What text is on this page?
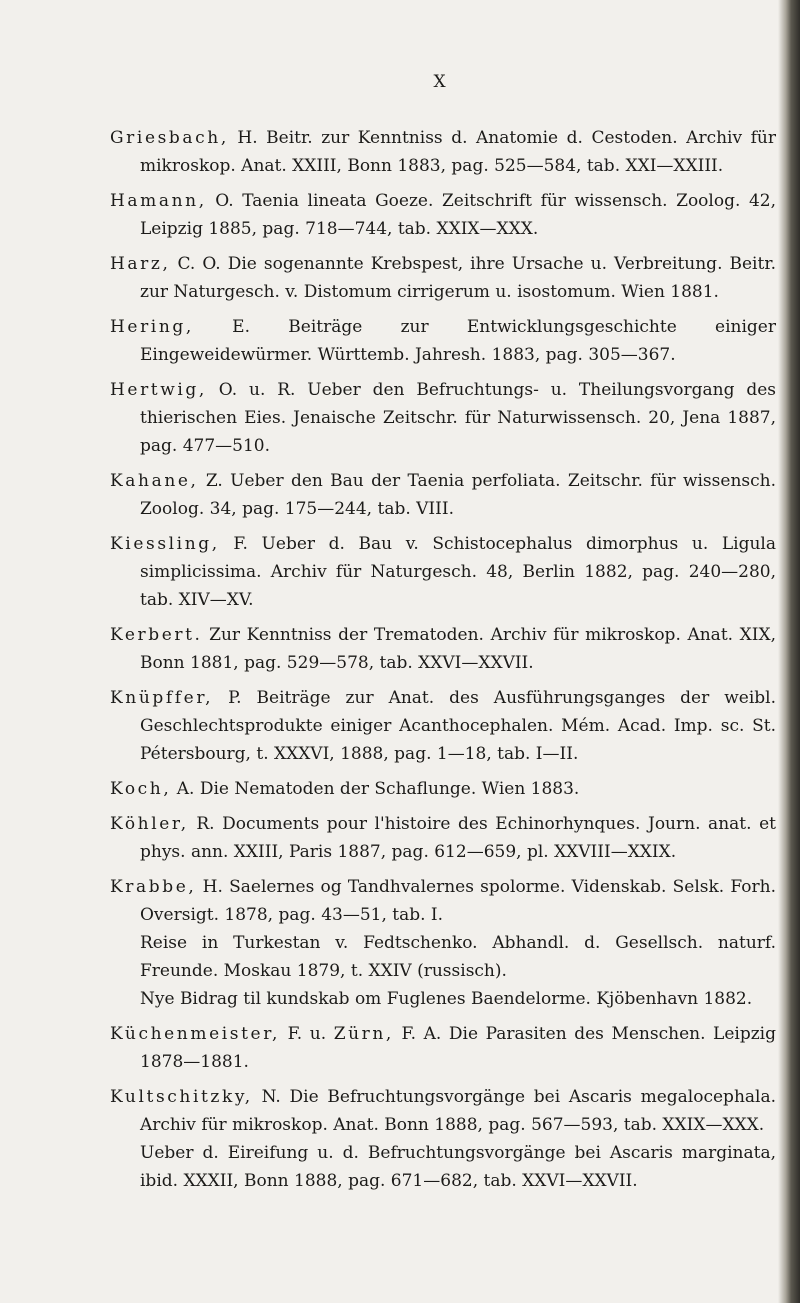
X

Griesbach, H. Beitr. zur Kenntniss d. Anatomie d. Cestoden. Archiv für mikroskop. Anat. XXIII, Bonn 1883, pag. 525—584, tab. XXI—XXIII.

Hamann, O. Taenia lineata Goeze. Zeitschrift für wissensch. Zoolog. 42, Leipzig 1885, pag. 718—744, tab. XXIX—XXX.

Harz, C. O. Die sogenannte Krebspest, ihre Ursache u. Verbreitung. Beitr. zur Naturgesch. v. Distomum cirrigerum u. isostomum. Wien 1881.

Hering, E. Beiträge zur Entwicklungsgeschichte einiger Eingeweidewürmer. Württemb. Jahresh. 1883, pag. 305—367.

Hertwig, O. u. R. Ueber den Befruchtungs- u. Theilungsvorgang des thierischen Eies. Jenaische Zeitschr. für Naturwissensch. 20, Jena 1887, pag. 477—510.

Kahane, Z. Ueber den Bau der Taenia perfoliata. Zeitschr. für wissensch. Zoolog. 34, pag. 175—244, tab. VIII.

Kiessling, F. Ueber d. Bau v. Schistocephalus dimorphus u. Ligula simplicissima. Archiv für Naturgesch. 48, Berlin 1882, pag. 240—280, tab. XIV—XV.

Kerbert. Zur Kenntniss der Trematoden. Archiv für mikroskop. Anat. XIX, Bonn 1881, pag. 529—578, tab. XXVI—XXVII.

Knüpffer, P. Beiträge zur Anat. des Ausführungsganges der weibl. Geschlechtsprodukte einiger Acanthocephalen. Mém. Acad. Imp. sc. St. Pétersbourg, t. XXXVI, 1888, pag. 1—18, tab. I—II.

Koch, A. Die Nematoden der Schaflunge. Wien 1883.

Köhler, R. Documents pour l'histoire des Echinorhynques. Journ. anat. et phys. ann. XXIII, Paris 1887, pag. 612—659, pl. XXVIII—XXIX.

Krabbe, H. Saelernes og Tandhvalernes spolorme. Videnskab. Selsk. Forh. Oversigt. 1878, pag. 43—51, tab. I.
Reise in Turkestan v. Fedtschenko. Abhandl. d. Gesellsch. naturf. Freunde. Moskau 1879, t. XXIV (russisch).
Nye Bidrag til kundskab om Fuglenes Baendelorme. Kjöbenhavn 1882.

Küchenmeister, F. u. Zürn, F. A. Die Parasiten des Menschen. Leipzig 1878—1881.

Kultschitzky, N. Die Befruchtungsvorgänge bei Ascaris megalocephala. Archiv für mikroskop. Anat. Bonn 1888, pag. 567—593, tab. XXIX—XXX.
Ueber d. Eireifung u. d. Befruchtungsvorgänge bei Ascaris marginata, ibid. XXXII, Bonn 1888, pag. 671—682, tab. XXVI—XXVII.
